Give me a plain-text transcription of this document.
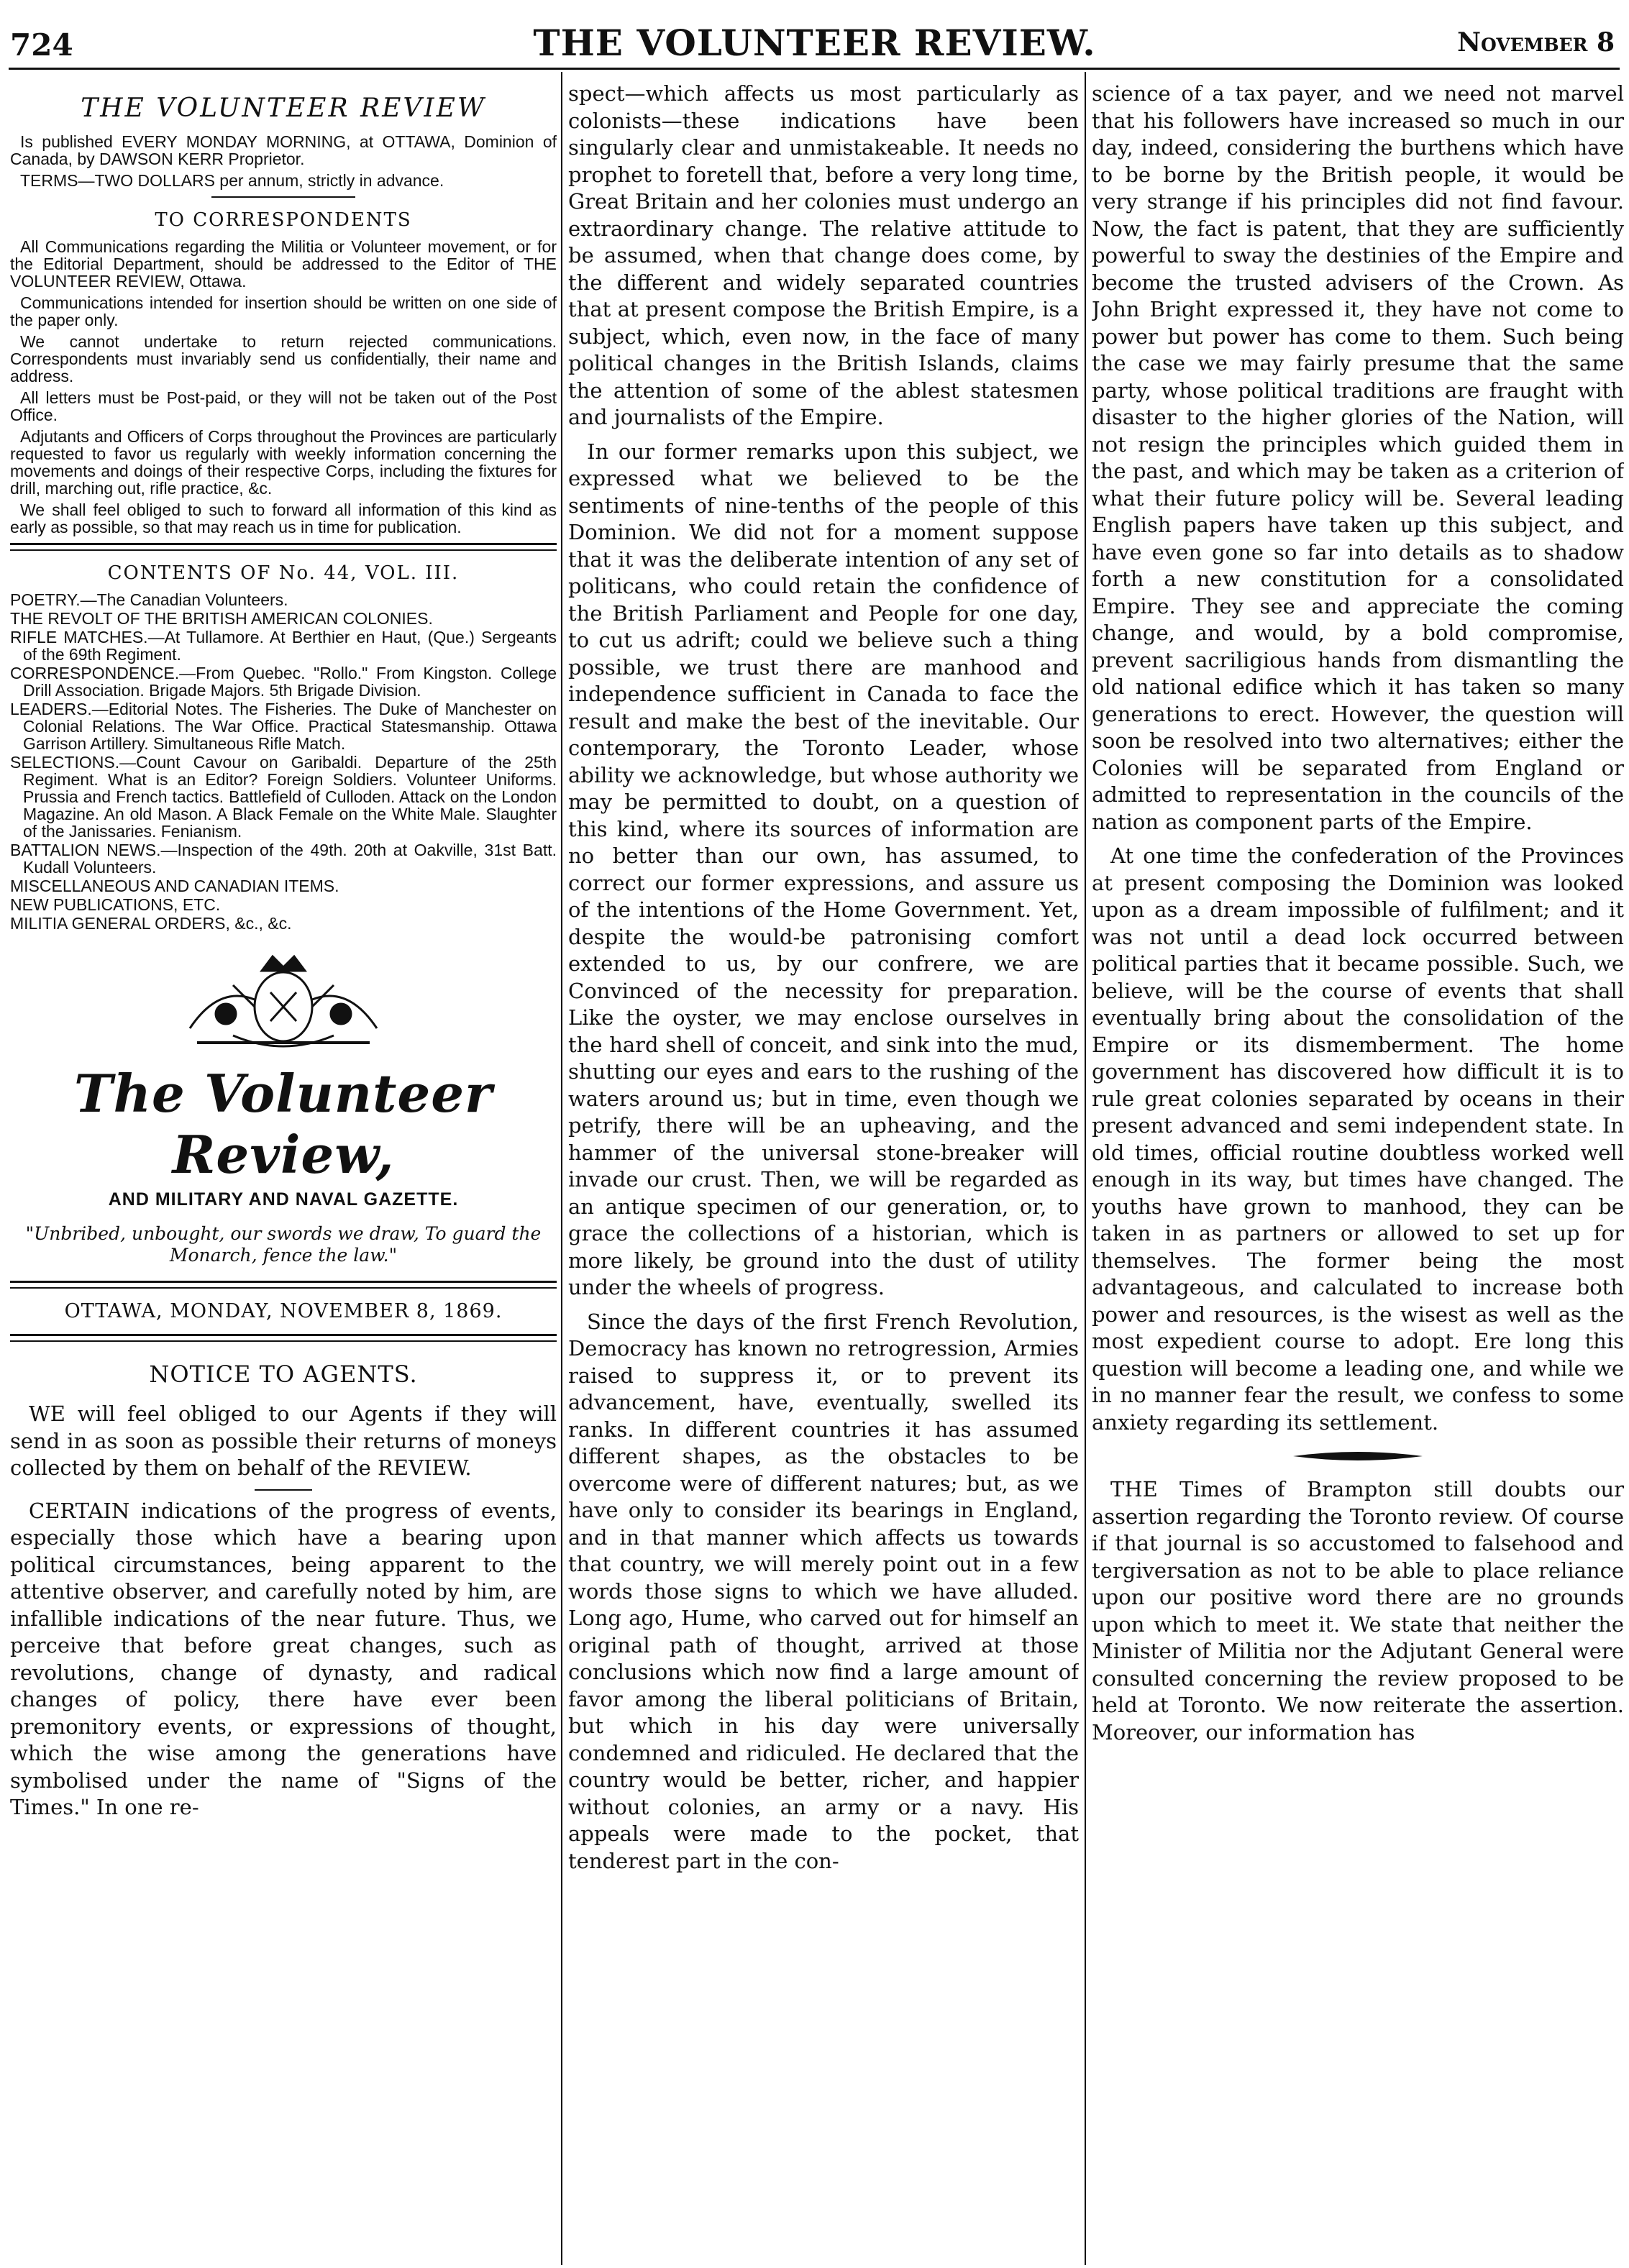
724	THE VOLUNTEER REVIEW.	November 8
THE VOLUNTEER REVIEW

Is published EVERY MONDAY MORNING, at OTTAWA, Dominion of Canada, by DAWSON KERR Proprietor.

TERMS—TWO DOLLARS per annum, strictly in advance.

TO CORRESPONDENTS

All Communications regarding the Militia or Volunteer movement, or for the Editorial Department, should be addressed to the Editor of THE VOLUNTEER REVIEW, Ottawa.

Communications intended for insertion should be written on one side of the paper only.

We cannot undertake to return rejected communications. Correspondents must invariably send us confidentially, their name and address.

All letters must be Post-paid, or they will not be taken out of the Post Office.

Adjutants and Officers of Corps throughout the Provinces are particularly requested to favor us regularly with weekly information concerning the movements and doings of their respective Corps, including the fixtures for drill, marching out, rifle practice, &c.

We shall feel obliged to such to forward all information of this kind as early as possible, so that may reach us in time for publication.

CONTENTS OF No. 44, VOL. III.

POETRY.—The Canadian Volunteers.

THE REVOLT OF THE BRITISH AMERICAN COLONIES.

RIFLE MATCHES.—At Tullamore. At Berthier en Haut, (Que.) Sergeants of the 69th Regiment.

CORRESPONDENCE.—From Quebec. "Rollo." From Kingston. College Drill Association. Brigade Majors. 5th Brigade Division.

LEADERS.—Editorial Notes. The Fisheries. The Duke of Manchester on Colonial Relations. The War Office. Practical Statesmanship. Ottawa Garrison Artillery. Simultaneous Rifle Match.

SELECTIONS.—Count Cavour on Garibaldi. Departure of the 25th Regiment. What is an Editor? Foreign Soldiers. Volunteer Uniforms. Prussia and French tactics. Battlefield of Culloden. Attack on the London Magazine. An old Mason. A Black Female on the White Male. Slaughter of the Janissaries. Fenianism.

BATTALION NEWS.—Inspection of the 49th. 20th at Oakville, 31st Batt. Kudall Volunteers.

MISCELLANEOUS AND CANADIAN ITEMS.

NEW PUBLICATIONS, ETC.

MILITIA GENERAL ORDERS, &c., &c.

The Volunteer Review,
AND MILITARY AND NAVAL GAZETTE.
"Unbribed, unbought, our swords we draw, To guard the Monarch, fence the law."
OTTAWA, MONDAY, NOVEMBER 8, 1869.
NOTICE TO AGENTS.

WE will feel obliged to our Agents if they will send in as soon as possible their returns of moneys collected by them on behalf of the REVIEW.

CERTAIN indications of the progress of events, especially those which have a bearing upon political circumstances, being apparent to the attentive observer, and carefully noted by him, are infallible indications of the near future. Thus, we perceive that before great changes, such as revolutions, change of dynasty, and radical changes of policy, there have ever been premonitory events, or expressions of thought, which the wise among the generations have symbolised under the name of "Signs of the Times." In one re-

spect—which affects us most particularly as colonists—these indications have been singularly clear and unmistakeable. It needs no prophet to foretell that, before a very long time, Great Britain and her colonies must undergo an extraordinary change. The relative attitude to be assumed, when that change does come, by the different and widely separated countries that at present compose the British Empire, is a subject, which, even now, in the face of many political changes in the British Islands, claims the attention of some of the ablest statesmen and journalists of the Empire.

In our former remarks upon this subject, we expressed what we believed to be the sentiments of nine-tenths of the people of this Dominion. We did not for a moment suppose that it was the deliberate intention of any set of politicans, who could retain the confidence of the British Parliament and People for one day, to cut us adrift; could we believe such a thing possible, we trust there are manhood and independence sufficient in Canada to face the result and make the best of the inevitable. Our contemporary, the Toronto Leader, whose ability we acknowledge, but whose authority we may be permitted to doubt, on a question of this kind, where its sources of information are no better than our own, has assumed, to correct our former expressions, and assure us of the intentions of the Home Government. Yet, despite the would-be patronising comfort extended to us, by our confrere, we are Convinced of the necessity for preparation. Like the oyster, we may enclose ourselves in the hard shell of conceit, and sink into the mud, shutting our eyes and ears to the rushing of the waters around us; but in time, even though we petrify, there will be an upheaving, and the hammer of the universal stone-breaker will invade our crust. Then, we will be regarded as an antique specimen of our generation, or, to grace the collections of a historian, which is more likely, be ground into the dust of utility under the wheels of progress.

Since the days of the first French Revolution, Democracy has known no retrogression, Armies raised to suppress it, or to prevent its advancement, have, eventually, swelled its ranks. In different countries it has assumed different shapes, as the obstacles to be overcome were of different natures; but, as we have only to consider its bearings in England, and in that manner which affects us towards that country, we will merely point out in a few words those signs to which we have alluded. Long ago, Hume, who carved out for himself an original path of thought, arrived at those conclusions which now find a large amount of favor among the liberal politicians of Britain, but which in his day were universally condemned and ridiculed. He declared that the country would be better, richer, and happier without colonies, an army or a navy. His appeals were made to the pocket, that tenderest part in the con-

science of a tax payer, and we need not marvel that his followers have increased so much in our day, indeed, considering the burthens which have to be borne by the British people, it would be very strange if his principles did not find favour. Now, the fact is patent, that they are sufficiently powerful to sway the destinies of the Empire and become the trusted advisers of the Crown. As John Bright expressed it, they have not come to power but power has come to them. Such being the case we may fairly presume that the same party, whose political traditions are fraught with disaster to the higher glories of the Nation, will not resign the principles which guided them in the past, and which may be taken as a criterion of what their future policy will be. Several leading English papers have taken up this subject, and have even gone so far into details as to shadow forth a new constitution for a consolidated Empire. They see and appreciate the coming change, and would, by a bold compromise, prevent sacriligious hands from dismantling the old national edifice which it has taken so many generations to erect. However, the question will soon be resolved into two alternatives; either the Colonies will be separated from England or admitted to representation in the councils of the nation as component parts of the Empire.

At one time the confederation of the Provinces at present composing the Dominion was looked upon as a dream impossible of fulfilment; and it was not until a dead lock occurred between political parties that it became possible. Such, we believe, will be the course of events that shall eventually bring about the consolidation of the Empire or its dismemberment. The home government has discovered how difficult it is to rule great colonies separated by oceans in their present advanced and semi independent state. In old times, official routine doubtless worked well enough in its way, but times have changed. The youths have grown to manhood, they can be taken in as partners or allowed to set up for themselves. The former being the most advantageous, and calculated to increase both power and resources, is the wisest as well as the most expedient course to adopt. Ere long this question will become a leading one, and while we in no manner fear the result, we confess to some anxiety regarding its settlement.

THE Times of Brampton still doubts our assertion regarding the Toronto review. Of course if that journal is so accustomed to falsehood and tergiversation as not to be able to place reliance upon our positive word there are no grounds upon which to meet it. We state that neither the Minister of Militia nor the Adjutant General were consulted concerning the review proposed to be held at Toronto. We now reiterate the assertion. Moreover, our information has
